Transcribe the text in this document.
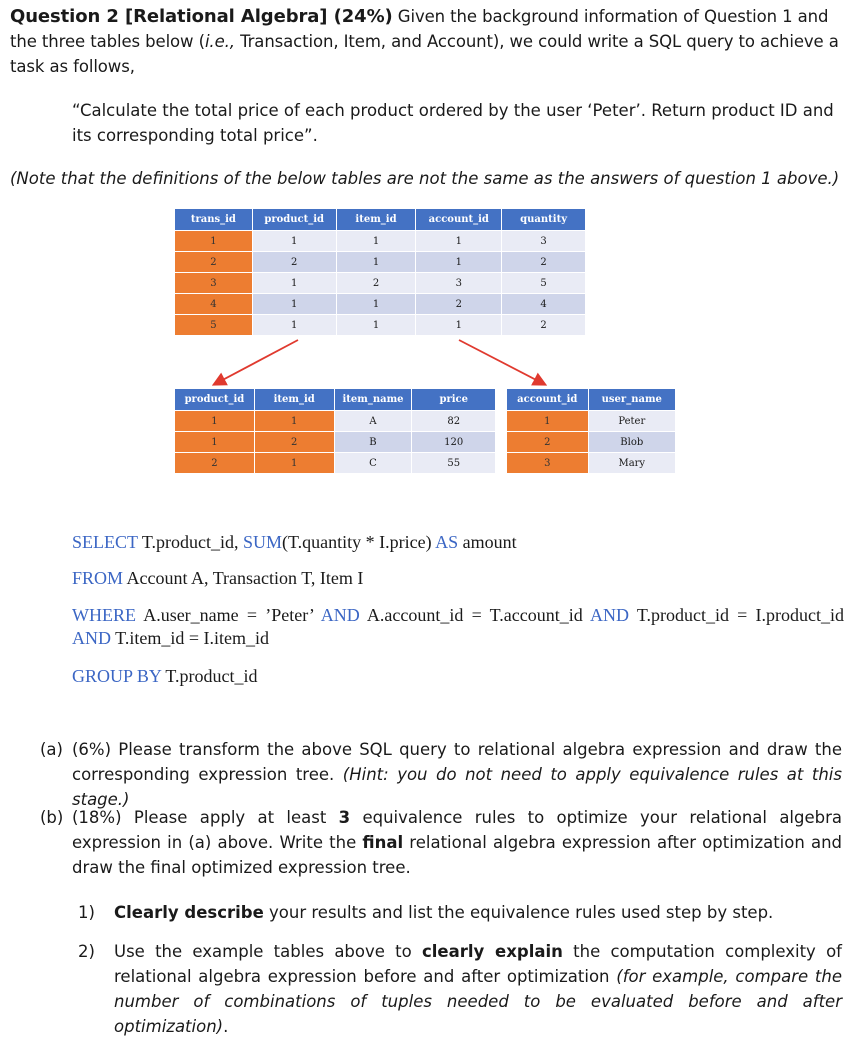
Question 2 [Relational Algebra] (24%) Given the background information of Question 1 and the three tables below (i.e., Transaction, Item, and Account), we could write a SQL query to achieve a task as follows,
“Calculate the total price of each product ordered by the user ‘Peter’. Return product ID and its corresponding total price”.
(Note that the definitions of the below tables are not the same as the answers of question 1 above.)
trans_id	product_id	item_id	account_id	quantity
1	1	1	1	3
2	2	1	1	2
3	1	2	3	5
4	1	1	2	4
5	1	1	1	2
product_id	item_id	item_name	price
1	1	A	82
1	2	B	120
2	1	C	55
account_id	user_name
1	Peter
2	Blob
3	Mary
SELECT T.product_id, SUM(T.quantity * I.price) AS amount
FROM Account A, Transaction T, Item I
WHERE A.user_name = ’Peter’ AND A.account_id = T.account_id AND T.product_id = I.product_id AND T.item_id = I.item_id
GROUP BY T.product_id
(a) (6%) Please transform the above SQL query to relational algebra expression and draw the corresponding expression tree. (Hint: you do not need to apply equivalence rules at this stage.)
(b) (18%) Please apply at least 3 equivalence rules to optimize your relational algebra expression in (a) above. Write the final relational algebra expression after optimization and draw the final optimized expression tree.
1) Clearly describe your results and list the equivalence rules used step by step.
2) Use the example tables above to clearly explain the computation complexity of relational algebra expression before and after optimization (for example, compare the number of combinations of tuples needed to be evaluated before and after optimization).
